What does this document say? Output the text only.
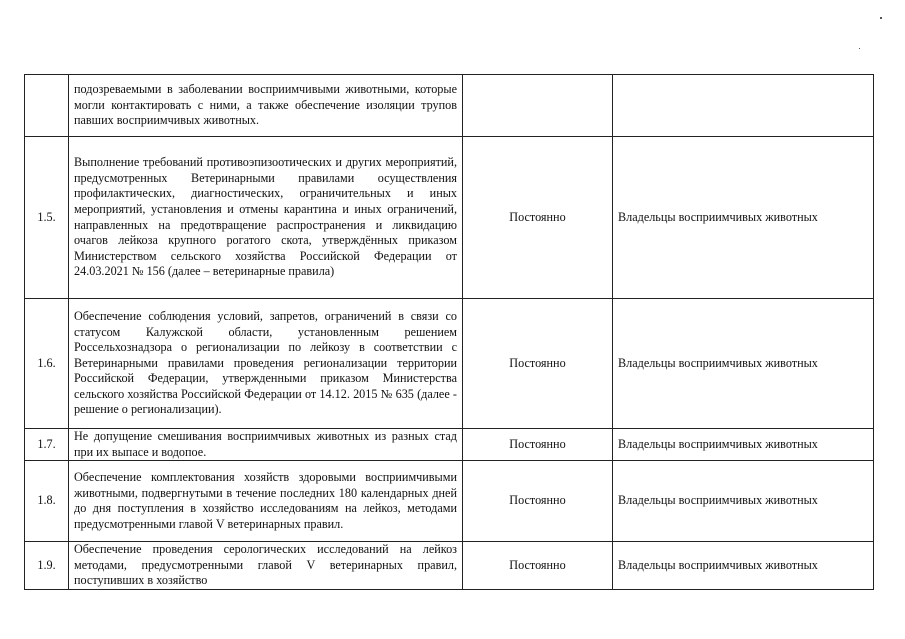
	подозреваемыми в заболевании восприимчивыми животными, которые могли контактировать с ними, а также обеспечение изоляции трупов павших восприимчивых животных.		

1.5.	Выполнение требований противоэпизоотических и других мероприятий, предусмотренных Ветеринарными правилами осуществления профилактических, диагностических, ограничительных и иных мероприятий, установления и отмены карантина и иных ограничений, направленных на предотвращение распространения и ликвидацию очагов лейкоза крупного рогатого скота, утверждённых приказом Министерством сельского хозяйства Российской Федерации от 24.03.2021 № 156 (далее – ветеринарные правила)	Постоянно	Владельцы восприимчивых животных
1.6.	Обеспечение соблюдения условий, запретов, ограничений в связи со статусом Калужской области, установленным решением Россельхознадзора о регионализации по лейкозу в соответствии с Ветеринарными правилами проведения регионализации территории Российской Федерации, утвержденными приказом Министерства сельского хозяйства Российской Федерации от 14.12. 2015 № 635 (далее - решение о регионализации).	Постоянно	Владельцы восприимчивых животных
1.7.	Не допущение смешивания восприимчивых животных из разных стад при их выпасе и водопое.	Постоянно	Владельцы восприимчивых животных
1.8.	Обеспечение комплектования хозяйств здоровыми восприимчивыми животными, подвергнутыми в течение последних 180 календарных дней до дня поступления в хозяйство исследованиям на лейкоз, методами предусмотренными главой V ветеринарных правил.	Постоянно	Владельцы восприимчивых животных
1.9.	Обеспечение проведения серологических исследований на лейкоз методами, предусмотренными главой V ветеринарных правил, поступивших в хозяйство	Постоянно	Владельцы восприимчивых животных
